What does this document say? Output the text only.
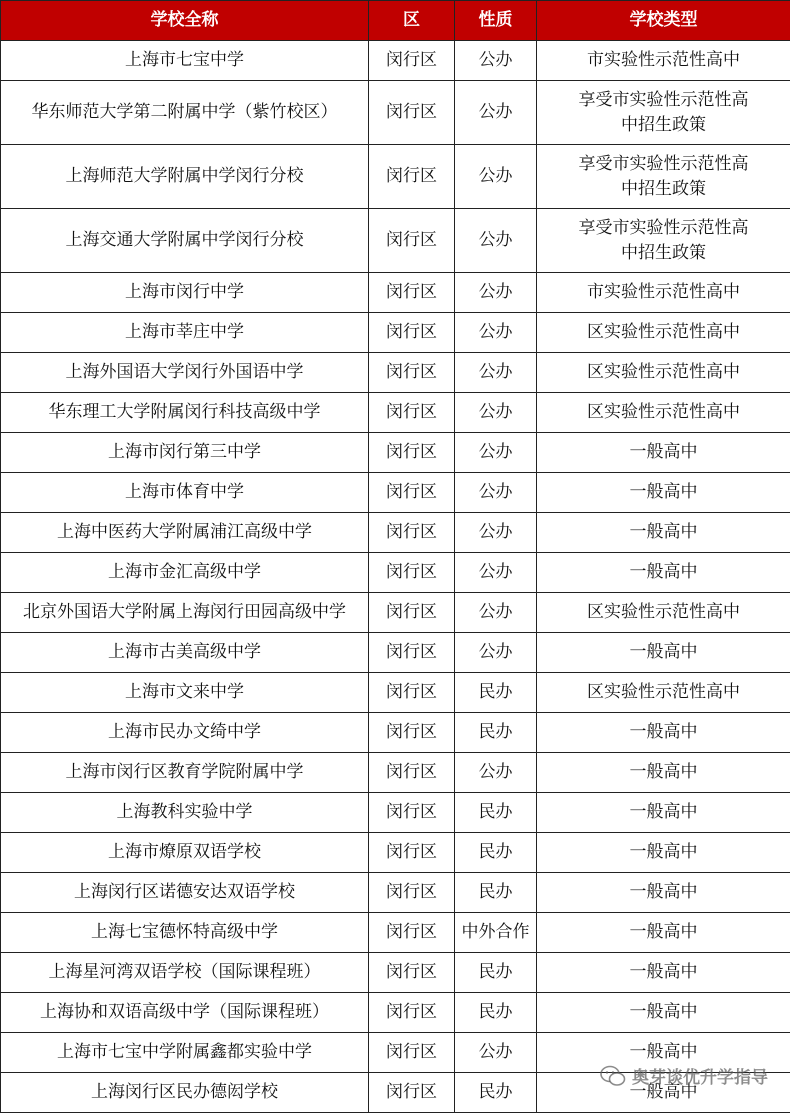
学校全称	区	性质	学校类型
上海市七宝中学	闵行区	公办	市实验性示范性高中
华东师范大学第二附属中学（紫竹校区）	闵行区	公办	享受市实验性示范性高中招生政策
上海师范大学附属中学闵行分校	闵行区	公办	享受市实验性示范性高中招生政策
上海交通大学附属中学闵行分校	闵行区	公办	享受市实验性示范性高中招生政策
上海市闵行中学	闵行区	公办	市实验性示范性高中
上海市莘庄中学	闵行区	公办	区实验性示范性高中
上海外国语大学闵行外国语中学	闵行区	公办	区实验性示范性高中
华东理工大学附属闵行科技高级中学	闵行区	公办	区实验性示范性高中
上海市闵行第三中学	闵行区	公办	一般高中
上海市体育中学	闵行区	公办	一般高中
上海中医药大学附属浦江高级中学	闵行区	公办	一般高中
上海市金汇高级中学	闵行区	公办	一般高中
北京外国语大学附属上海闵行田园高级中学	闵行区	公办	区实验性示范性高中
上海市古美高级中学	闵行区	公办	一般高中
上海市文来中学	闵行区	民办	区实验性示范性高中
上海市民办文绮中学	闵行区	民办	一般高中
上海市闵行区教育学院附属中学	闵行区	公办	一般高中
上海教科实验中学	闵行区	民办	一般高中
上海市燎原双语学校	闵行区	民办	一般高中
上海闵行区诺德安达双语学校	闵行区	民办	一般高中
上海七宝德怀特高级中学	闵行区	中外合作	一般高中
上海星河湾双语学校（国际课程班）	闵行区	民办	一般高中
上海协和双语高级中学（国际课程班）	闵行区	民办	一般高中
上海市七宝中学附属鑫都实验中学	闵行区	公办	一般高中
上海闵行区民办德闳学校	闵行区	民办	一般高中
奥芽谈优升学指导
